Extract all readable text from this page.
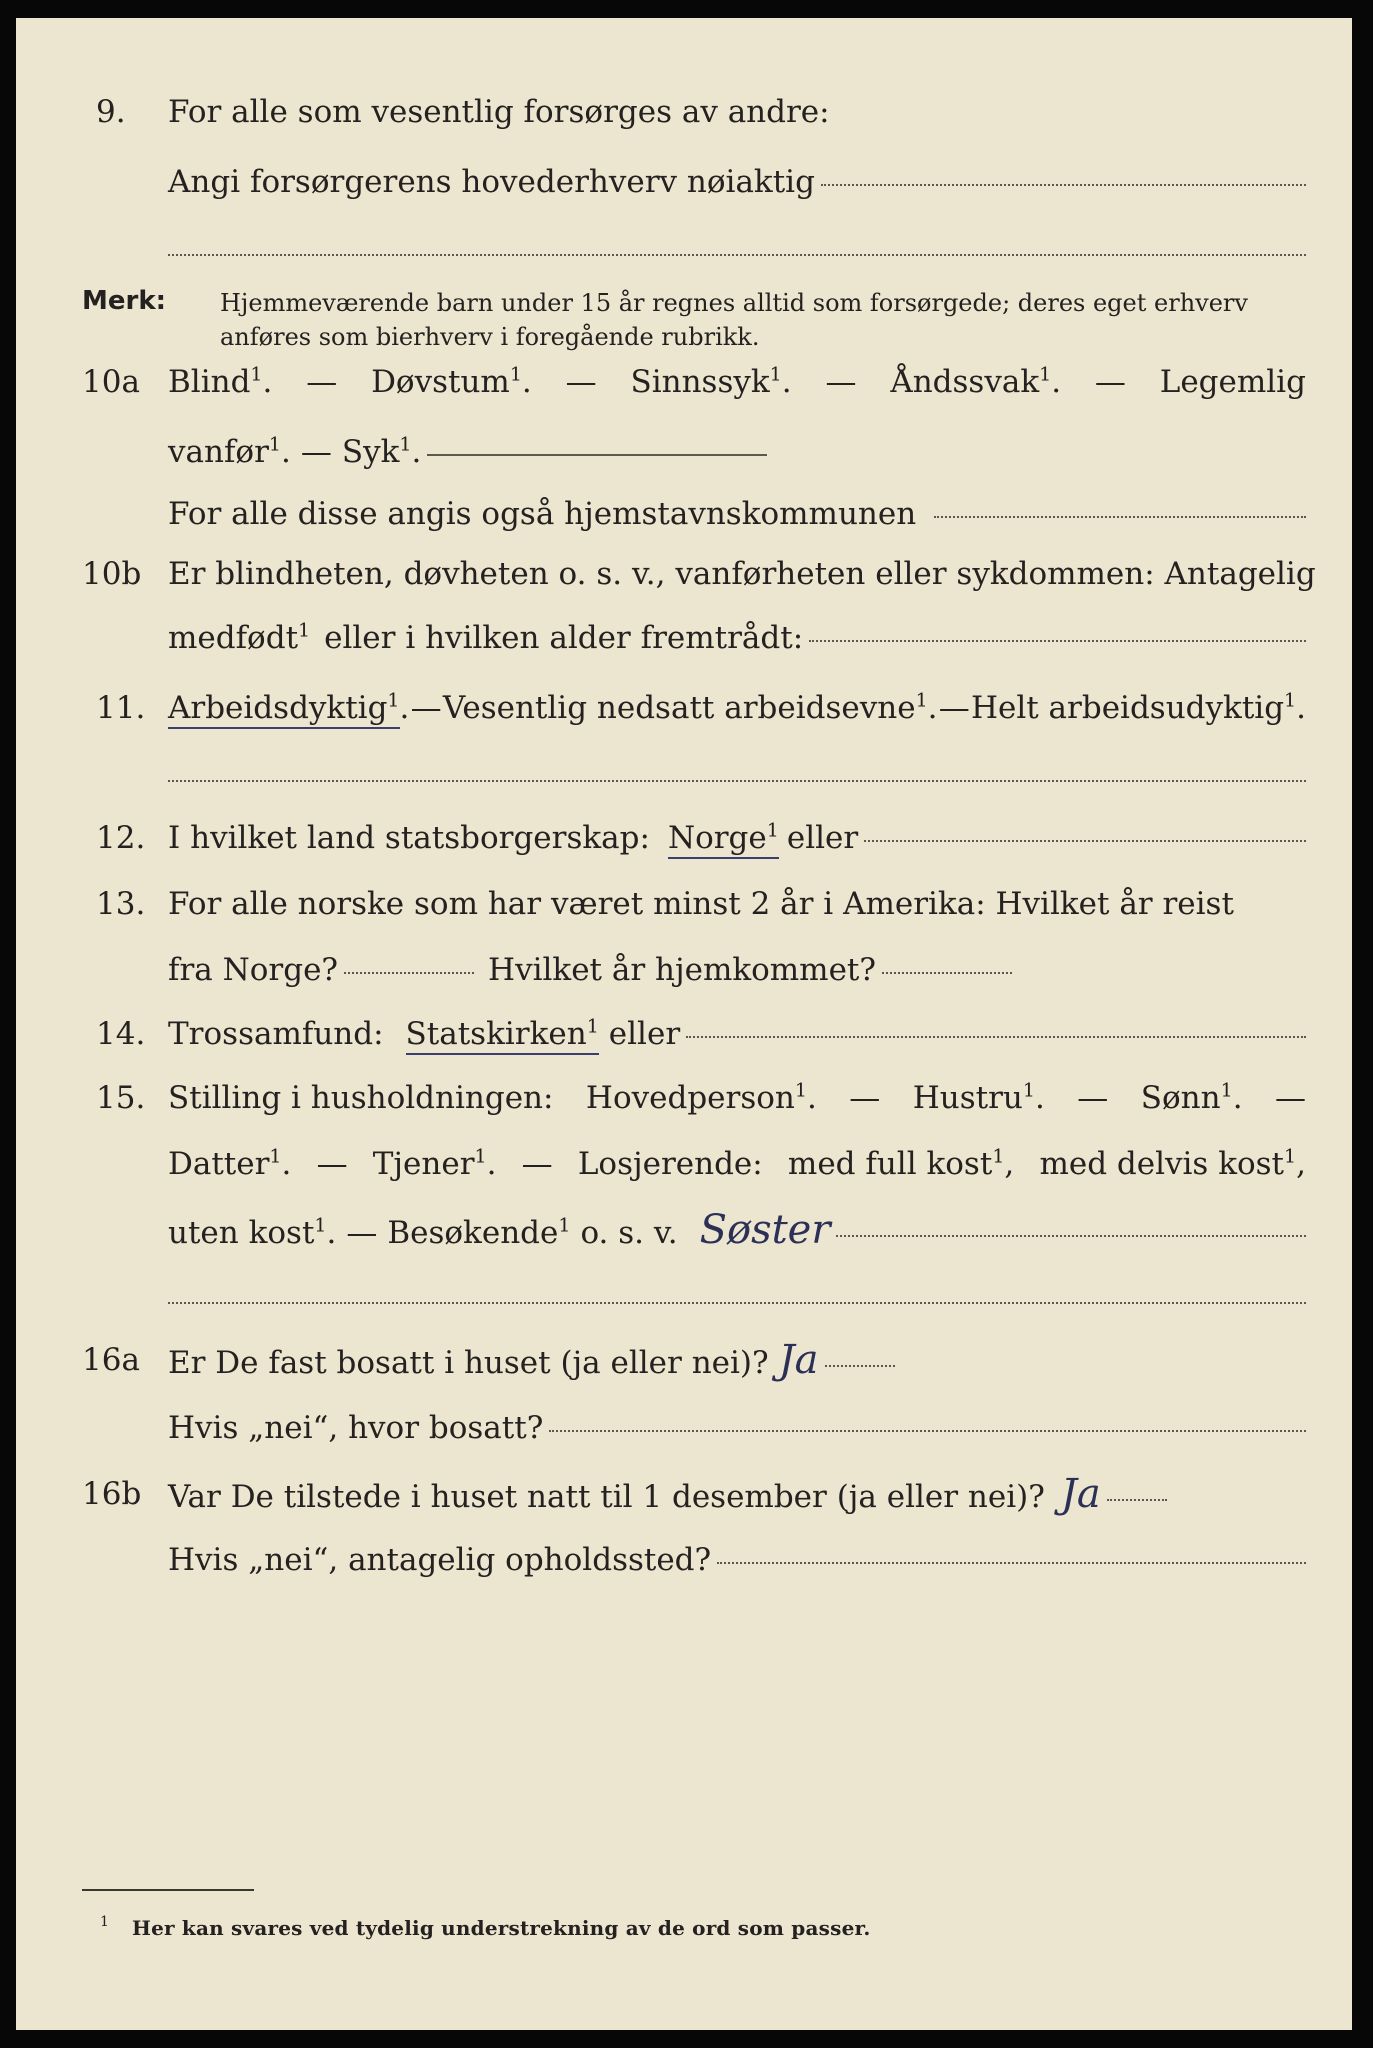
9. For alle som vesentlig forsørges av andre:
Angi forsørgerens hovederhverv nøiaktig
Merk: Hjemmeværende barn under 15 år regnes alltid som forsørgede; deres eget erhverv
anføres som bierhverv i foregående rubrikk.
10a Blind$^1$. — Døvstum$^1$. — Sinnssyk$^1$. — Åndssvak$^1$. — Legemlig
vanfør$^1$. — Syk$^1$.
For alle disse angis også hjemstavnskommunen
10b Er blindheten, døvheten o. s. v., vanførheten eller sykdommen: Antagelig
medfødt$^1$ eller i hvilken alder fremtrådt:
11. Arbeidsdyktig$^1$. — Vesentlig nedsatt arbeidsevne$^1$. — Helt arbeidsudyktig$^1$.
12. I hvilket land statsborgerskap: Norge$^1$ eller
13. For alle norske som har været minst 2 år i Amerika: Hvilket år reist
fra Norge?	Hvilket år hjemkommet?
14. Trossamfund: Statskirken$^1$ eller
15. Stilling i husholdningen: Hovedperson$^1$. — Hustru$^1$. — Sønn$^1$. —
Datter$^1$. — Tjener$^1$. — Losjerende: med full kost$^1$, med delvis kost$^1$,
uten kost$^1$. — Besøkende$^1$ o. s. v. Søster
16a Er De fast bosatt i huset (ja eller nei)? Ja
Hvis „nei“, hvor bosatt?
16b Var De tilstede i huset natt til 1 desember (ja eller nei)? Ja
Hvis „nei“, antagelig opholdssted?
1 Her kan svares ved tydelig understrekning av de ord som passer.
